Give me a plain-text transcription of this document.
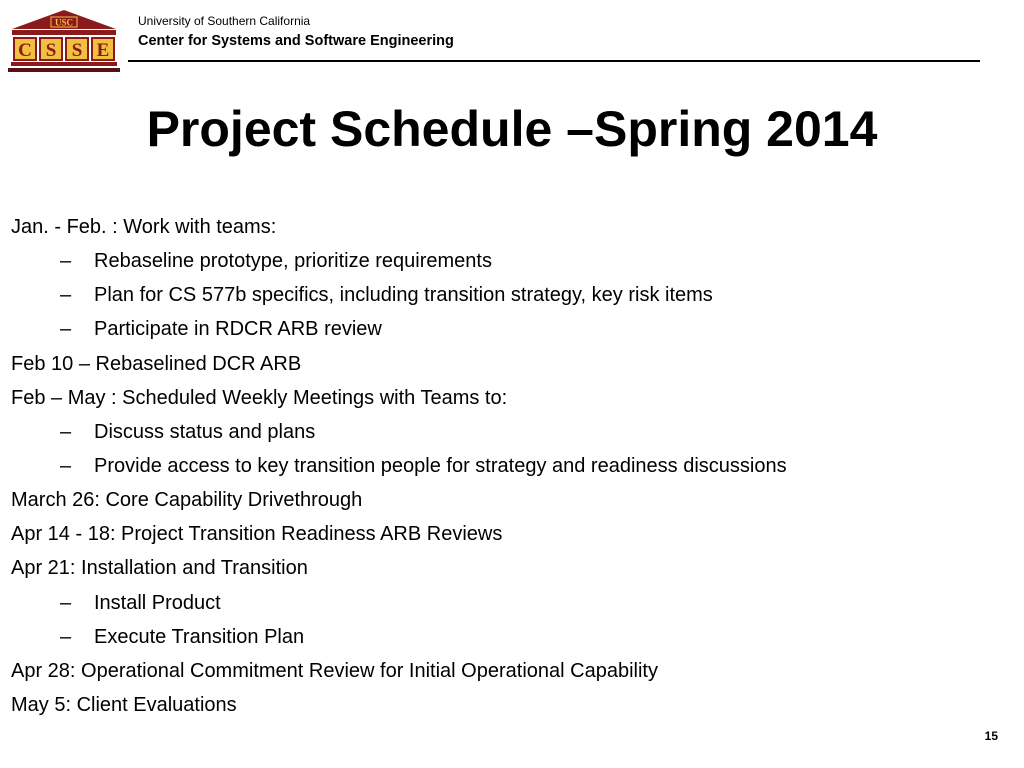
USC
C S S E
University of Southern California
Center for Systems and Software Engineering
Project Schedule –Spring 2014
Jan. - Feb. : Work with teams:
– Rebaseline prototype, prioritize requirements
– Plan for CS 577b specifics, including transition strategy, key risk items
– Participate in RDCR ARB review
Feb 10 – Rebaselined DCR ARB
Feb – May : Scheduled Weekly Meetings with Teams to:
– Discuss status and plans
– Provide access to key transition people for strategy and readiness discussions
March 26: Core Capability Drivethrough
Apr 14 - 18: Project Transition Readiness ARB Reviews
Apr 21: Installation and Transition
– Install Product
– Execute Transition Plan
Apr 28: Operational Commitment Review for Initial Operational Capability
May 5: Client Evaluations
15
